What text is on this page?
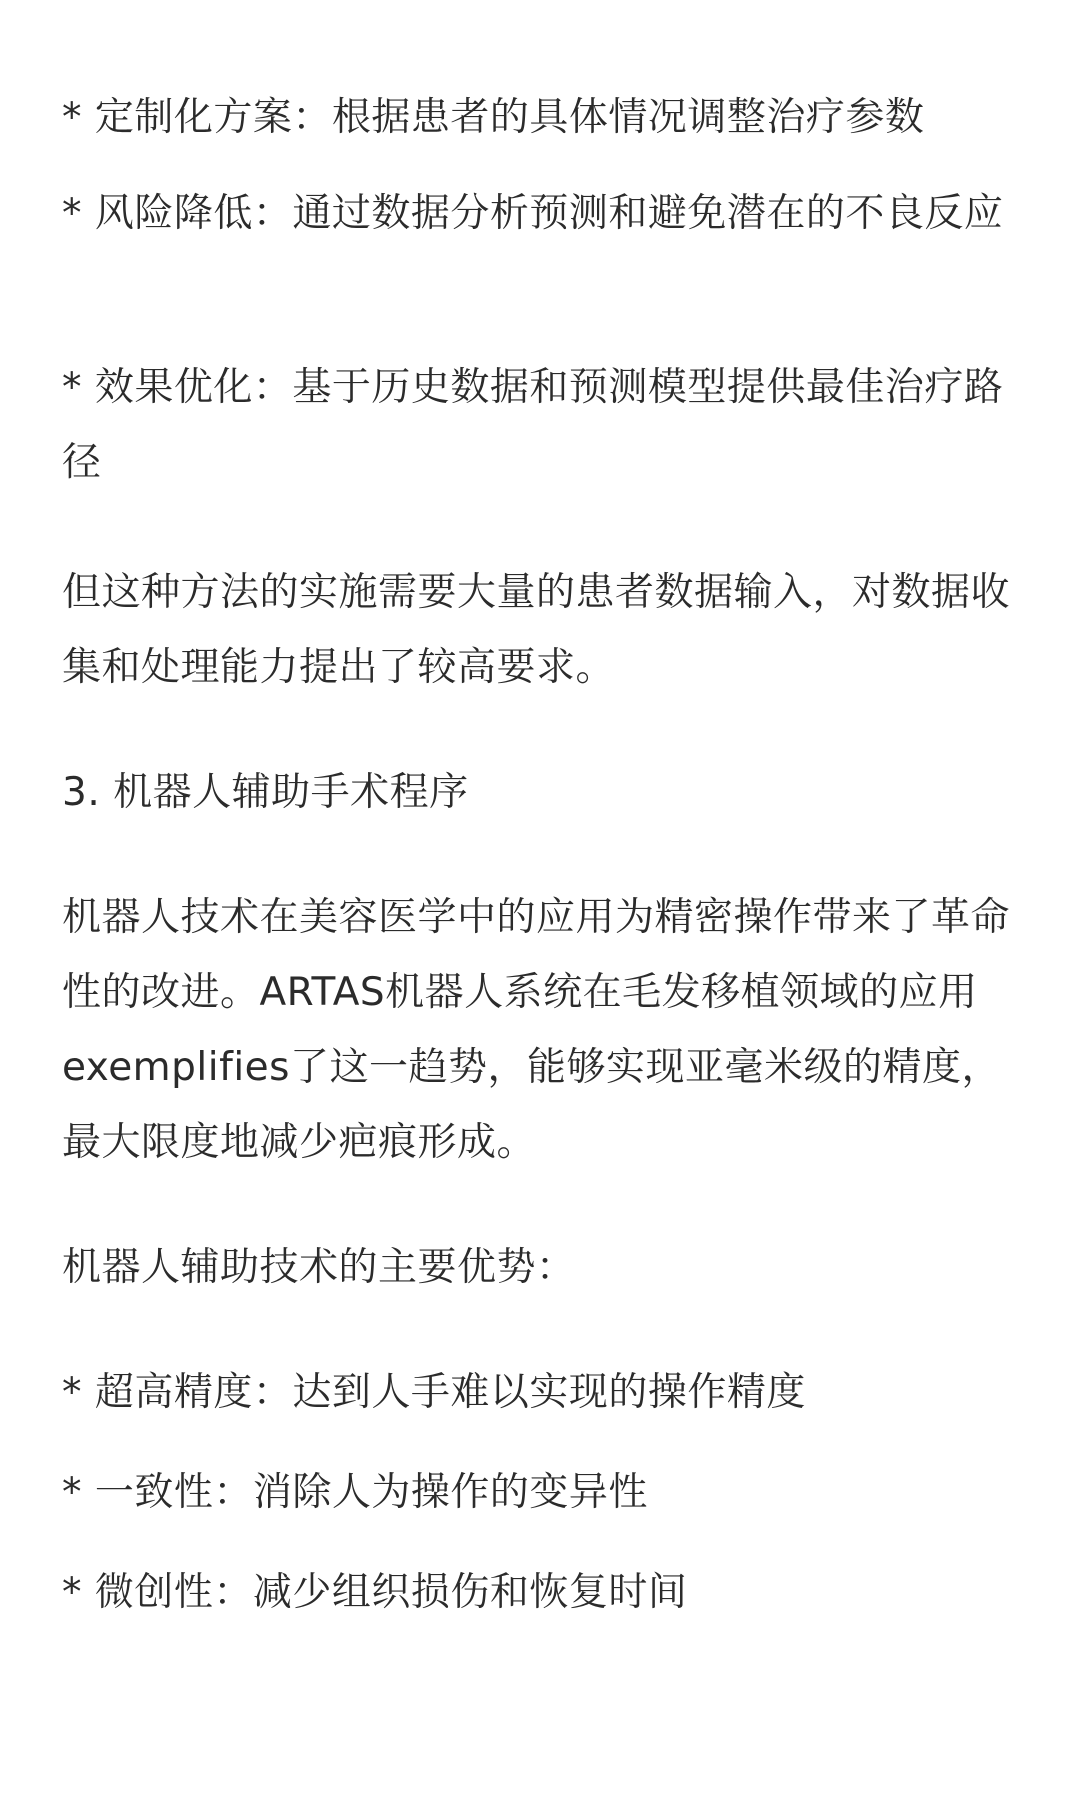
* 定制化方案：根据患者的具体情况调整治疗参数
* 风险降低：通过数据分析预测和避免潜在的不良反应
* 效果优化：基于历史数据和预测模型提供最佳治疗路径
但这种方法的实施需要大量的患者数据输入，对数据收集和处理能力提出了较高要求。
3. 机器人辅助手术程序
机器人技术在美容医学中的应用为精密操作带来了革命性的改进。ARTAS机器人系统在毛发移植领域的应用exemplifies了这一趋势，能够实现亚毫米级的精度，最大限度地减少疤痕形成。
机器人辅助技术的主要优势：
* 超高精度：达到人手难以实现的操作精度
* 一致性：消除人为操作的变异性
* 微创性：减少组织损伤和恢复时间
